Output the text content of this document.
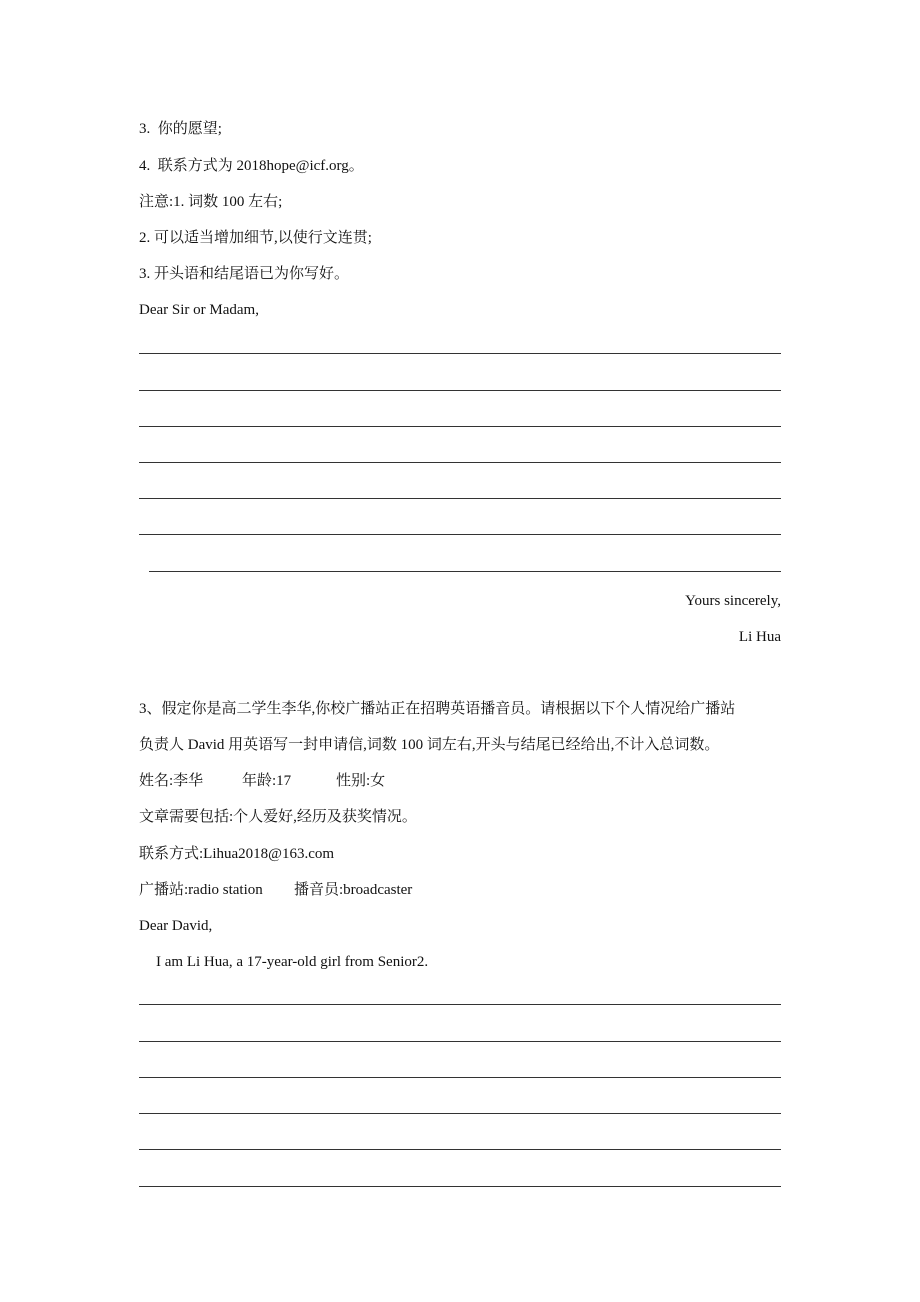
3.  你的愿望;
4.  联系方式为 2018hope@icf.org。
注意:1. 词数 100 左右;
2. 可以适当增加细节,以使行文连贯;
3. 开头语和结尾语已为你写好。
Dear Sir or Madam,
Yours sincerely,
Li Hua
3、假定你是高二学生李华,你校广播站正在招聘英语播音员。请根据以下个人情况给广播站
负责人 David 用英语写一封申请信,词数 100 词左右,开头与结尾已经给出,不计入总词数。
姓名:李华	年龄:17	性别:女
文章需要包括:个人爱好,经历及获奖情况。
联系方式:Lihua2018@163.com
广播站:radio station 播音员:broadcaster
Dear David,
I am Li Hua, a 17-year-old girl from Senior2.
